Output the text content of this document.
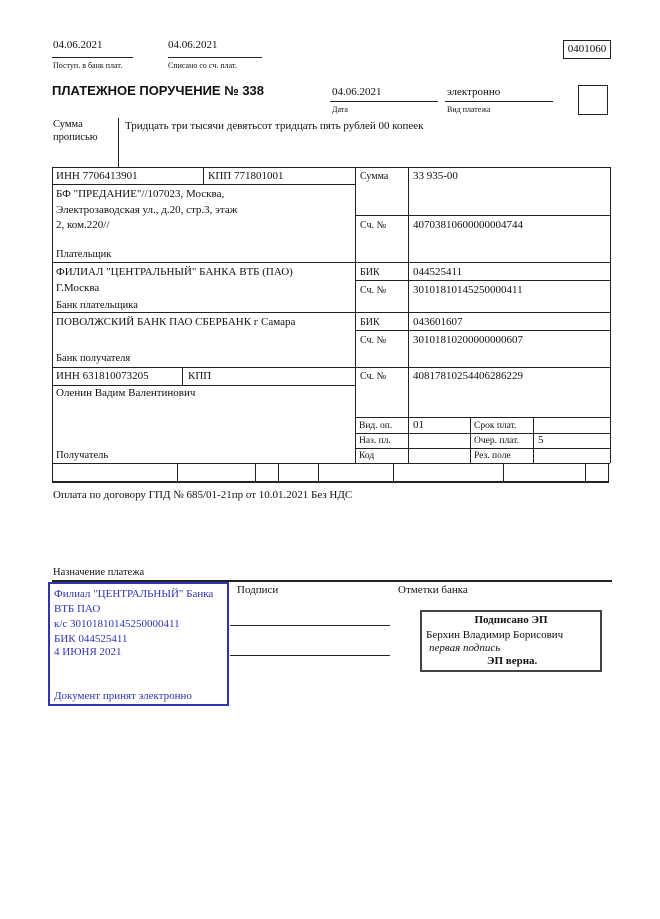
04.06.2021	04.06.2021
Поступ. в банк плат.	Списано со сч. плат.
0401060
ПЛАТЕЖНОЕ ПОРУЧЕНИЕ № 338	04.06.2021
Дата
электронно
Вид платежа
Сумма
прописью
Тридцать три тысячи девятьсот тридцать пять рублей 00 копеек
ИНН 7706413901	КПП 771801001	Сумма 33 935-00
БФ "ПРЕДАНИЕ"//107023, Москва,
Электрозаводская ул., д.20, стр.3, этаж
2, ком.220//	Сч. № 40703810600000004744
Плательщик
ФИЛИАЛ "ЦЕНТРАЛЬНЫЙ" БАНКА ВТБ (ПАО)
Г.Москва
БИК	044525411
Сч. № 30101810145250000411
Банк плательщика
ПОВОЛЖСКИЙ БАНК ПАО СБЕРБАНК г Самара	БИК	043601607
Сч. № 30101810200000000607
Банк получателя
ИНН 631810073205	КПП	Сч. № 40817810254406286229
Оленин Вадим Валентинович
Получатель
Вид. оп. 01	Срок плат.
Наз. пл.	Очер. плат. 5
Код	Рез. поле
Оплата по договору ГПД № 685/01-21пр от 10.01.2021 Без НДС
Назначение платежа
Подписи	Отметки банка
Филиал "ЦЕНТРАЛЬНЫЙ" Банка
ВТБ ПАО
к/с 30101810145250000411
БИК 044525411
4 ИЮНЯ 2021
Документ принят электронно
Подписано ЭП
Берхин Владимир Борисович
первая подпись
ЭП верна.
